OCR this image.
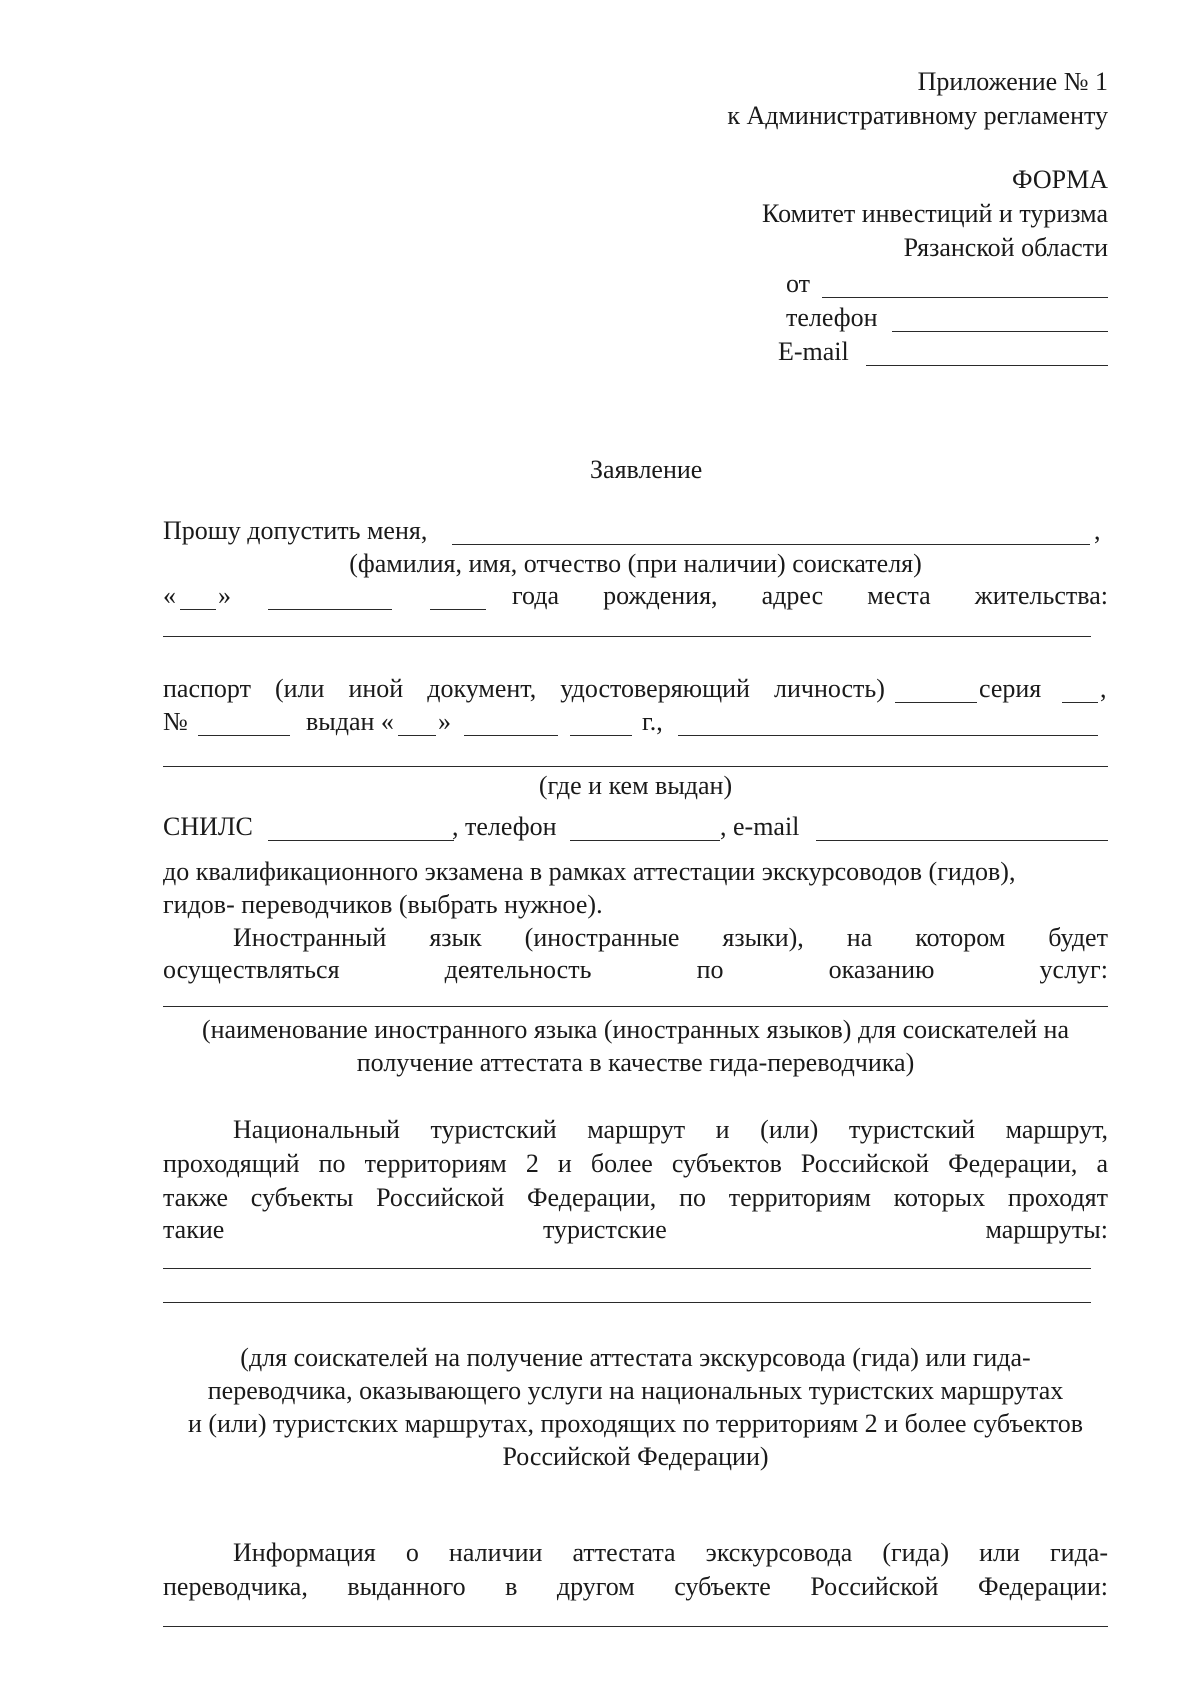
Приложение № 1
к Административному регламенту
ФОРМА
Комитет инвестиций и туризма
Рязанской области
от
телефон
E-mail
Заявление
Прошу допустить меня,	,
(фамилия, имя, отчество (при наличии) соискателя)
« »	года рождения, адрес места жительства:
паспорт (или иной документ, удостоверяющий личность)	серия ,
№	выдан « »	г.,
(где и кем выдан)
СНИЛС	, телефон	, e-mail
до квалификационного экзамена в рамках аттестации экскурсоводов (гидов),
гидов- переводчиков (выбрать нужное).
Иностранный язык (иностранные языки), на котором будет
осуществляться	деятельность	по	оказанию	услуг:
(наименование иностранного языка (иностранных языков) для соискателей на
получение аттестата в качестве гида-переводчика)
Национальный туристский маршрут и (или) туристский маршрут,
проходящий по территориям 2 и более субъектов Российской Федерации, а
также субъекты Российской Федерации, по территориям которых проходят
такие	туристские	маршруты:
(для соискателей на получение аттестата экскурсовода (гида) или гида-
переводчика, оказывающего услуги на национальных туристских маршрутах
и (или) туристских маршрутах, проходящих по территориям 2 и более субъектов
Российской Федерации)
Информация о наличии аттестата экскурсовода (гида) или гида-
переводчика, выданного в другом субъекте Российской Федерации:
